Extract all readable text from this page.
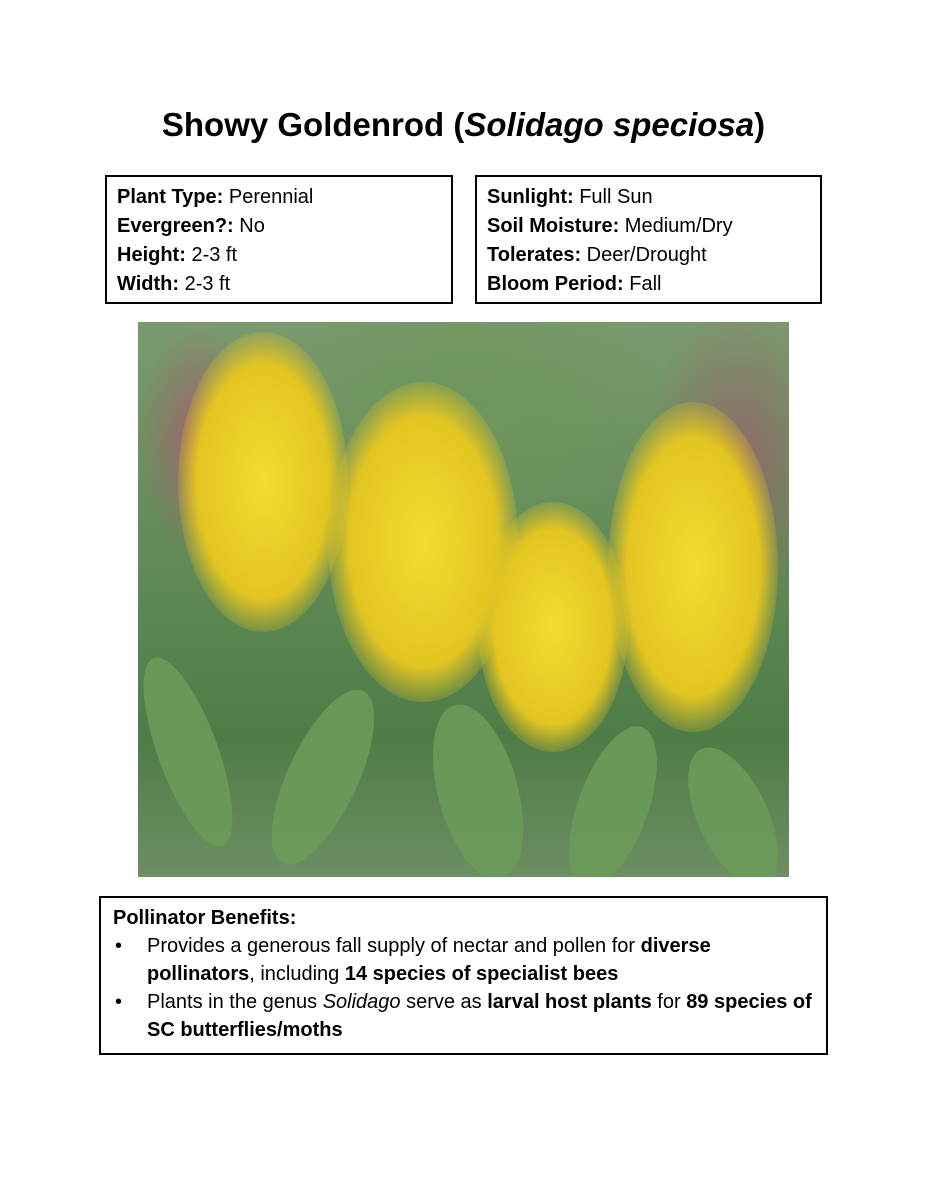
Showy Goldenrod (Solidago speciosa)
Plant Type: Perennial
Evergreen?: No
Height: 2-3 ft
Width: 2-3 ft
Sunlight: Full Sun
Soil Moisture: Medium/Dry
Tolerates: Deer/Drought
Bloom Period: Fall
Pollinator Benefits:
• Provides a generous fall supply of nectar and pollen for diverse pollinators, including 14 species of specialist bees
• Plants in the genus Solidago serve as larval host plants for 89 species of SC butterflies/moths
